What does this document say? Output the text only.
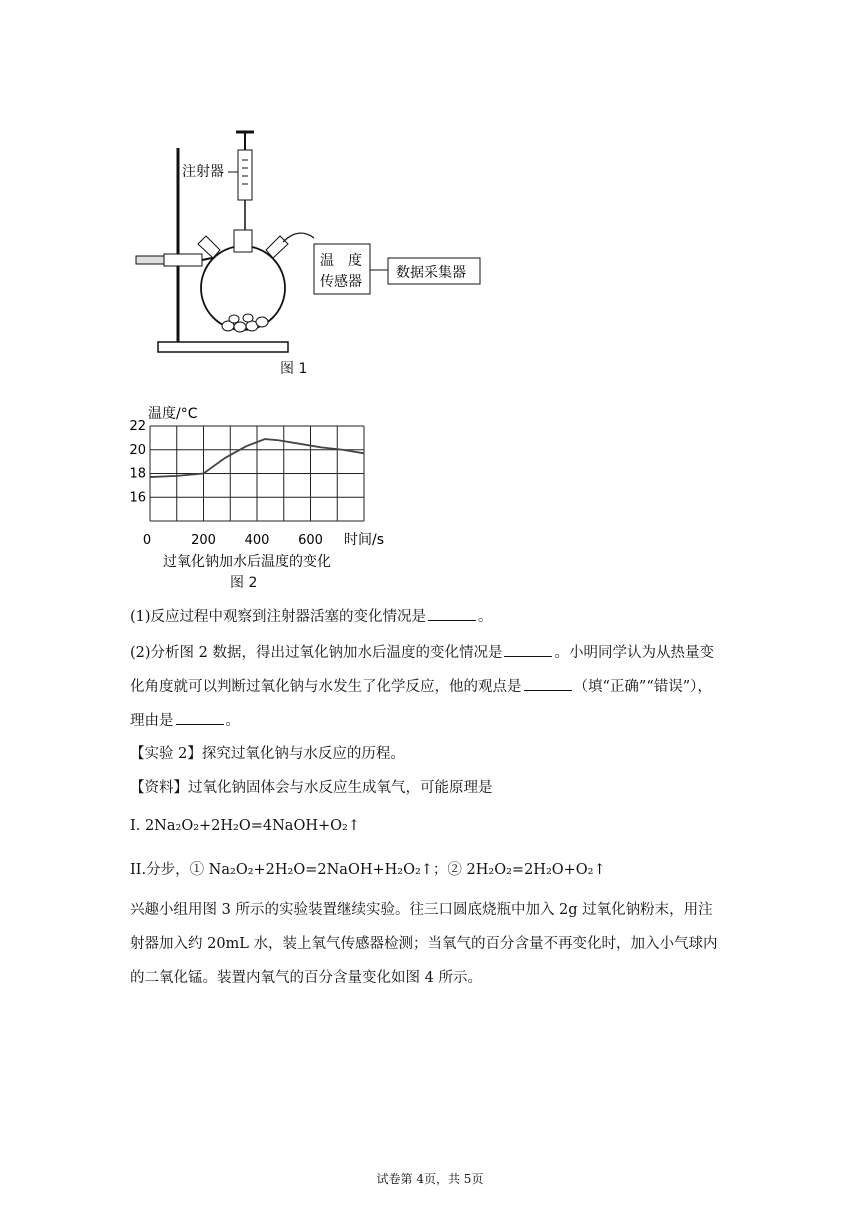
注射器
温　度
传感器
数据采集器
图 1
16
18
20
22
0	200 400 600
温度/°C
时间/s
过氧化钠加水后温度的变化
图 2
(1)反应过程中观察到注射器活塞的变化情况是	。
(2)分析图 2 数据，得出过氧化钠加水后温度的变化情况是	。小明同学认为从热量变
化角度就可以判断过氧化钠与水发生了化学反应，他的观点是	（填“正确”“错误”），
理由是	。
【实验 2】探究过氧化钠与水反应的历程。
【资料】过氧化钠固体会与水反应生成氧气，可能原理是
I. 2Na₂O₂+2H₂O=4NaOH+O₂↑
II.分步，① Na₂O₂+2H₂O=2NaOH+H₂O₂↑；② 2H₂O₂=2H₂O+O₂↑
兴趣小组用图 3 所示的实验装置继续实验。往三口圆底烧瓶中加入 2g 过氧化钠粉末，用注
射器加入约 20mL 水，装上氧气传感器检测；当氧气的百分含量不再变化时，加入小气球内
的二氧化锰。装置内氧气的百分含量变化如图 4 所示。
试卷第 4页，共 5页
